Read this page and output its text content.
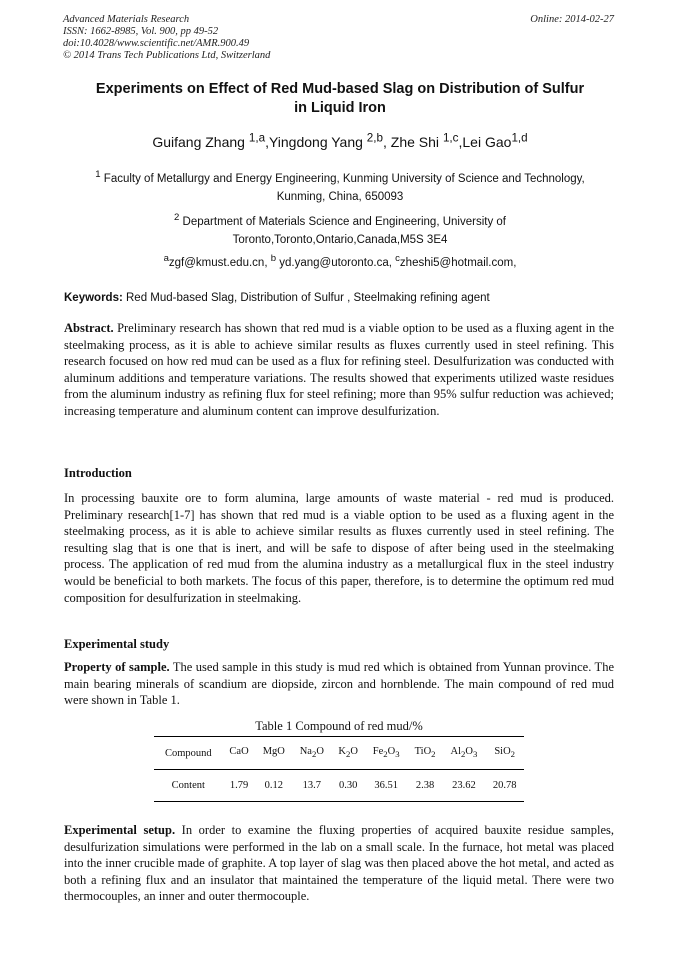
Advanced Materials Research
ISSN: 1662-8985, Vol. 900, pp 49-52
doi:10.4028/www.scientific.net/AMR.900.49
© 2014 Trans Tech Publications Ltd, Switzerland
Online: 2014-02-27
Experiments on Effect of Red Mud-based Slag on Distribution of Sulfur
in Liquid Iron
Guifang Zhang $^{1,a}$,Yingdong Yang $^{2,b}$, Zhe Shi $^{1,c}$,Lei Gao$^{1,d}$
$^1$ Faculty of Metallurgy and Energy Engineering, Kunming University of Science and Technology,
Kunming, China, 650093
$^2$ Department of Materials Science and Engineering, University of
Toronto,Toronto,Ontario,Canada,M5S 3E4
$^a$zgf@kmust.edu.cn, $^b$ yd.yang@utoronto.ca, $^c$zheshi5@hotmail.com,
Keywords: Red Mud-based Slag, Distribution of Sulfur , Steelmaking refining agent
Abstract. Preliminary research has shown that red mud is a viable option to be used as a fluxing agent in the steelmaking process, as it is able to achieve similar results as fluxes currently used in steel refining. This research focused on how red mud can be used as a flux for refining steel. Desulfurization was conducted with aluminum additions and temperature variations. The results showed that experiments utilized waste residues from the aluminum industry as refining flux for steel refining; more than 95% sulfur reduction was achieved; increasing temperature and aluminum content can improve desulfurization.
Introduction
In processing bauxite ore to form alumina, large amounts of waste material - red mud is produced. Preliminary research[1-7] has shown that red mud is a viable option to be used as a fluxing agent in the steelmaking process, as it is able to achieve similar results as fluxes currently used in steel refining. The resulting slag that is one that is inert, and will be safe to dispose of after being used in the steelmaking process. The application of red mud from the alumina industry as a metallurgical flux in the steel industry would be beneficial to both markets. The focus of this paper, therefore, is to determine the optimum red mud composition for desulfurization in steelmaking.
Experimental study
Property of sample. The used sample in this study is mud red which is obtained from Yunnan province. The main bearing minerals of scandium are diopside, zircon and hornblende. The main compound of red mud were shown in Table 1.
Table 1 Compound of red mud/%
Compound	CaO	MgO	$Na_2O$	$K_2O$	$Fe_2O_3$	TiO$_2$	$Al_2O_3$	SiO$_2$
Content	1.79	0.12	13.7	0.30	36.51	2.38	23.62	20.78
Experimental setup. In order to examine the fluxing properties of acquired bauxite residue samples, desulfurization simulations were performed in the lab on a small scale. In the furnace, hot metal was placed into the inner crucible made of graphite. A top layer of slag was then placed above the hot metal, and acted as both a refining flux and an insulator that maintained the temperature of the liquid metal. There were two thermocouples, an inner and outer thermocouple.
